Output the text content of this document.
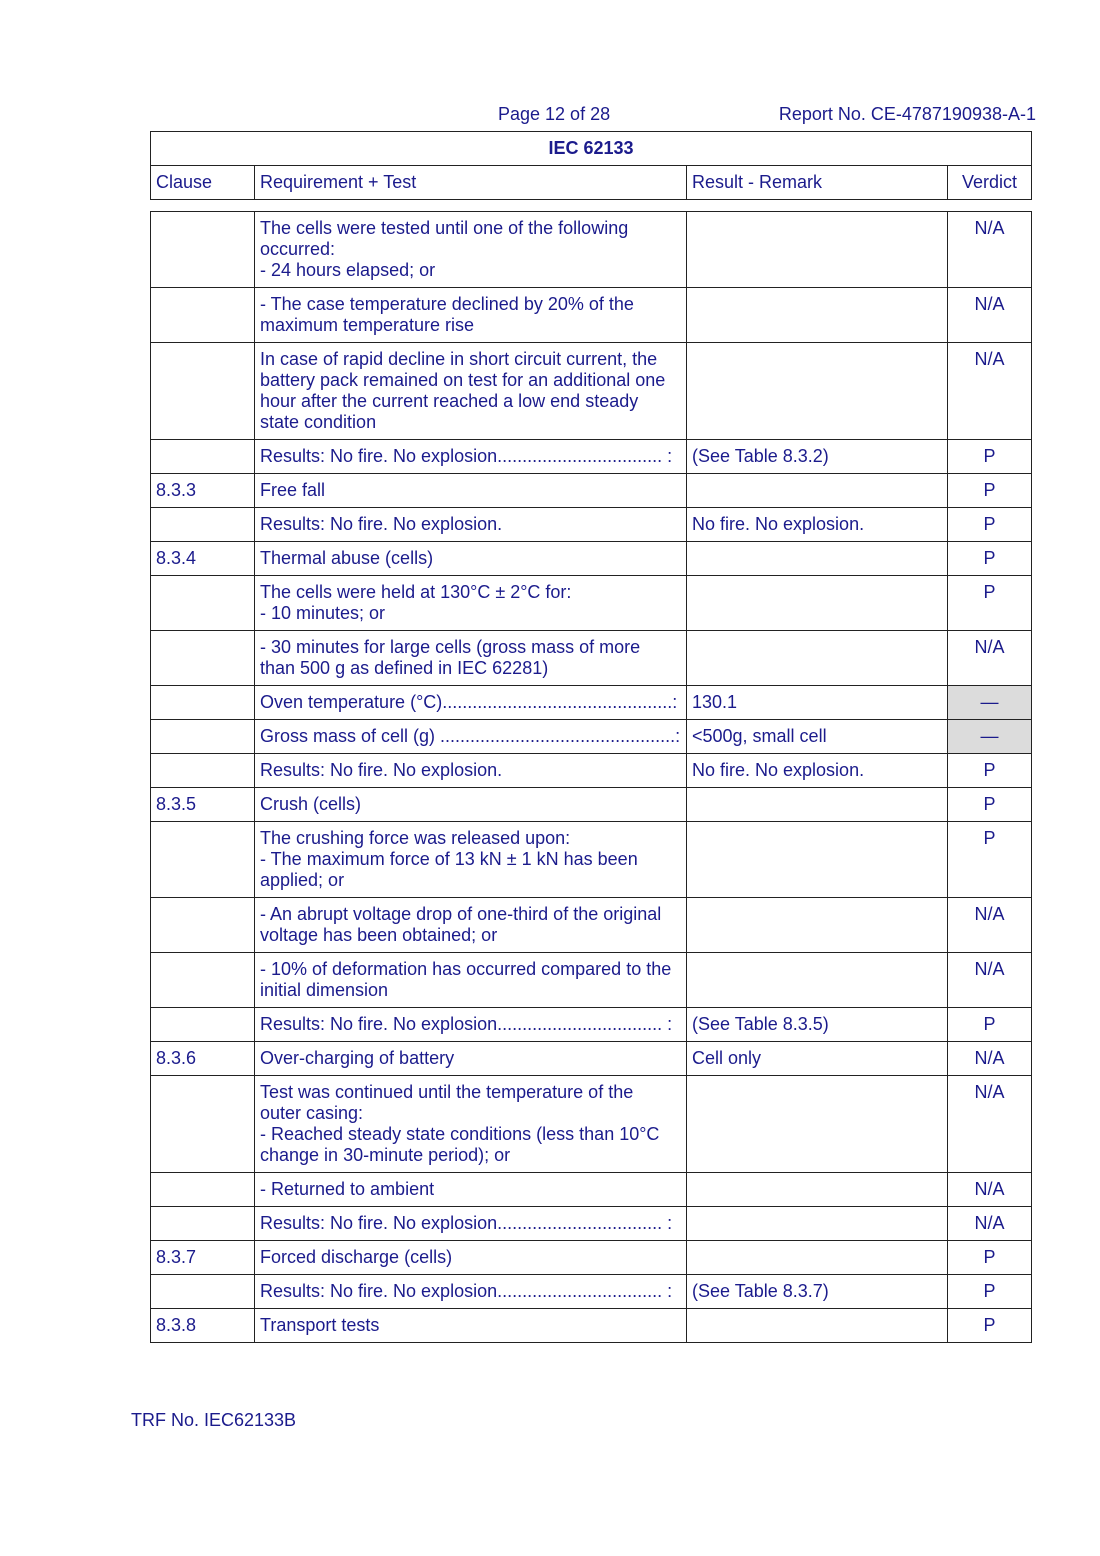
Page 12 of 28	Report No. CE-4787190938-A-1
IEC 62133
Clause	Requirement + Test	Result - Remark	Verdict
	The cells were tested until one of the following
occurred:
- 24 hours elapsed; or		N/A
	- The case temperature declined by 20% of the
maximum temperature rise		N/A
	In case of rapid decline in short circuit current, the
battery pack remained on test for an additional one
hour after the current reached a low end steady
state condition		N/A
	Results: No fire. No explosion................................. :	(See Table 8.3.2)	P
8.3.3	Free fall		P
	Results: No fire. No explosion.	No fire. No explosion.	P
8.3.4	Thermal abuse (cells)		P
	The cells were held at 130°C ± 2°C for:
- 10 minutes; or		P
	- 30 minutes for large cells (gross mass of more
than 500 g as defined in IEC 62281)		N/A
	Oven temperature (°C)..............................................:	130.1	—
	Gross mass of cell (g) ...............................................:	<500g, small cell	—
	Results: No fire. No explosion.	No fire. No explosion.	P
8.3.5	Crush (cells)		P
	The crushing force was released upon:
- The maximum force of 13 kN ± 1 kN has been
applied; or		P
	- An abrupt voltage drop of one-third of the original
voltage has been obtained; or		N/A
	- 10% of deformation has occurred compared to the
initial dimension		N/A
	Results: No fire. No explosion................................. :	(See Table 8.3.5)	P
8.3.6	Over-charging of battery	Cell only	N/A
	Test was continued until the temperature of the
outer casing:
- Reached steady state conditions (less than 10°C
change in 30-minute period); or		N/A
	- Returned to ambient		N/A
	Results: No fire. No explosion................................. :		N/A
8.3.7	Forced discharge (cells)		P
	Results: No fire. No explosion................................. :	(See Table 8.3.7)	P
8.3.8	Transport tests		P
TRF No. IEC62133B
